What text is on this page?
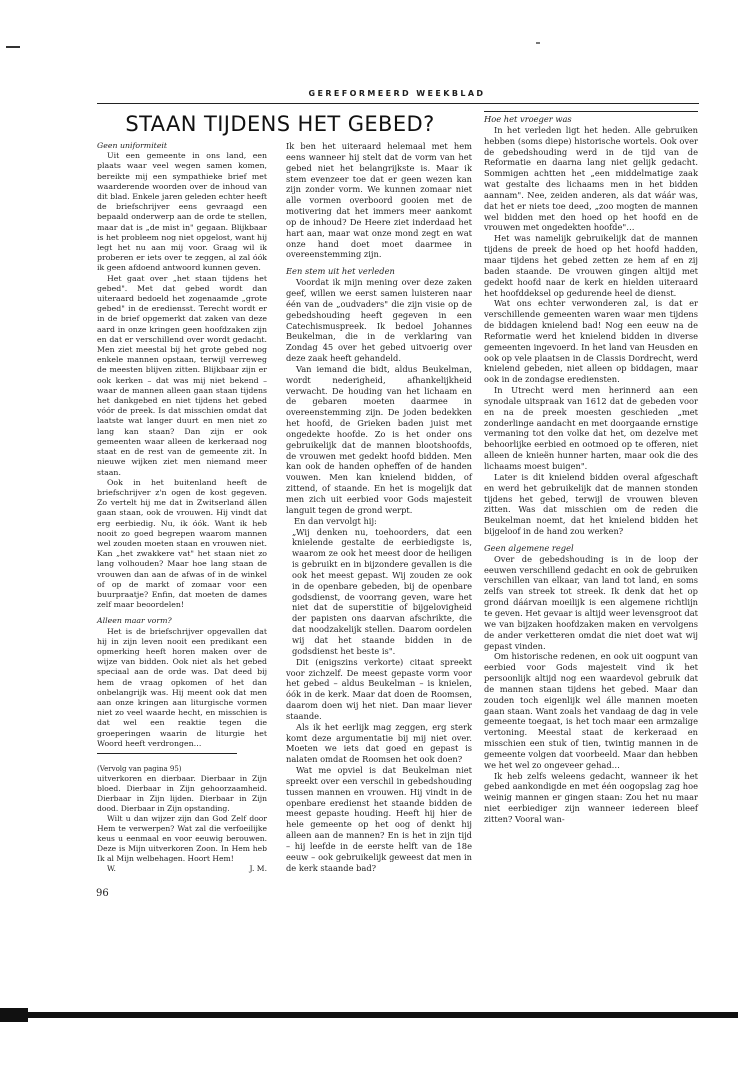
GEREFORMEERD WEEKBLAD
STAAN TIJDENS HET GEBED?

Geen uniformiteit

Uit een gemeente in ons land, een plaats waar veel wegen samen komen, bereikte mij een sympathieke brief met waarderende woorden over de inhoud van dit blad. Enkele jaren geleden echter heeft de briefschrijver eens gevraagd een bepaald onderwerp aan de orde te stellen, maar dat is „de mist in" gegaan. Blijkbaar is het probleem nog niet opgelost, want hij legt het nu aan mij voor. Graag wil ik proberen er iets over te zeggen, al zal óók ik geen afdoend antwoord kunnen geven.

Het gaat over „het staan tijdens het gebed". Met dat gebed wordt dan uiteraard bedoeld het zogenaamde „grote gebed" in de erediensst. Terecht wordt er in de brief opgemerkt dat zaken van deze aard in onze kringen geen hoofdzaken zijn en dat er verschillend over wordt gedacht. Men ziet meestal bij het grote gebed nog enkele mannen opstaan, terwijl verreweg de meesten blijven zitten. Blijkbaar zijn er ook kerken – dat was mij niet bekend – waar de mannen alleen gaan staan tijdens het dankgebed en niet tijdens het gebed vóór de preek. Is dat misschien omdat dat laatste wat langer duurt en men niet zo lang kan staan? Dan zijn er ook gemeenten waar alleen de kerkeraad nog staat en de rest van de gemeente zit. In nieuwe wijken ziet men niemand meer staan.

Ook in het buitenland heeft de briefschrijver z'n ogen de kost gegeven. Zo vertelt hij me dat in Zwitserland állen gaan staan, ook de vrouwen. Hij vindt dat erg eerbiedig. Nu, ik óók. Want ik heb nooit zo goed begrepen waarom mannen wel zouden moeten staan en vrouwen niet. Kan „het zwakkere vat" het staan niet zo lang volhouden? Maar hoe lang staan de vrouwen dan aan de afwas of in de winkel of op de markt of zomaar voor een buurpraatje? Enfin, dat moeten de dames zelf maar beoordelen!

Alleen maar vorm?

Het is de briefschrijver opgevallen dat hij in zijn leven nooit een predikant een opmerking heeft horen maken over de wijze van bidden. Ook niet als het gebed speciaal aan de orde was. Dat deed bij hem de vraag opkomen of het dan onbelangrijk was. Hij meent ook dat men aan onze kringen aan liturgische vormen niet zo veel waarde hecht, en misschien is dat wel een reaktie tegen die groeperingen waarin de liturgie het Woord heeft verdrongen…

(Vervolg van pagina 95)

uitverkoren en dierbaar. Dierbaar in Zijn bloed. Dierbaar in Zijn gehoorzaamheid. Dierbaar in Zijn lijden. Dierbaar in Zijn dood. Dierbaar in Zijn opstanding.

Wilt u dan wijzer zijn dan God Zelf door Hem te verwerpen? Wat zal die verfoeilijke keus u eenmaal en voor eeuwig berouwen. Deze is Mijn uitverkoren Zoon. In Hem heb Ik al Mijn welbehagen. Hoort Hem!

W.	J. M.

Ik ben het uiteraard helemaal met hem eens wanneer hij stelt dat de vorm van het gebed niet het belangrijkste is. Maar ik stem evenzeer toe dat er geen wezen kan zijn zonder vorm. We kunnen zomaar niet alle vormen overboord gooien met de motivering dat het immers meer aankomt op de inhoud? De Heere ziet inderdaad het hart aan, maar wat onze mond zegt en wat onze hand doet moet daarmee in overeenstemming zijn.

Een stem uit het verleden

Voordat ik mijn mening over deze zaken geef, willen we eerst samen luisteren naar één van de „oudvaders" die zijn visie op de gebedshouding heeft gegeven in een Catechismuspreek. Ik bedoel Johannes Beukelman, die in de verklaring van Zondag 45 over het gebed uitvoerig over deze zaak heeft gehandeld.

Van iemand die bidt, aldus Beukelman, wordt nederigheid, afhankelijkheid verwacht. De houding van het lichaam en de gebaren moeten daarmee in overeenstemming zijn. De joden bedekken het hoofd, de Grieken baden juist met ongedekte hoofde. Zo is het onder ons gebruikelijk dat de mannen blootshoofds, de vrouwen met gedekt hoofd bidden. Men kan ook de handen opheffen of de handen vouwen. Men kan knielend bidden, of zittend, of staande. En het is mogelijk dat men zich uit eerbied voor Gods majesteit languit tegen de grond werpt.

En dan vervolgt hij:

„Wij denken nu, toehoorders, dat een knielende gestalte de eerbiedigste is, waarom ze ook het meest door de heiligen is gebruikt en in bijzondere gevallen is die ook het meest gepast. Wij zouden ze ook in de openbare gebeden, bij de openbare godsdienst, de voorrang geven, ware het niet dat de superstitie of bijgelovigheid der papisten ons daarvan afschrikte, die dat noodzakelijk stellen. Daarom oordelen wij dat het staande bidden in de godsdienst het beste is".

Dit (enigszins verkorte) citaat spreekt voor zichzelf. De meest gepaste vorm voor het gebed – aldus Beukelman – is knielen, óók in de kerk. Maar dat doen de Roomsen, daarom doen wij het niet. Dan maar liever staande.

Als ik het eerlijk mag zeggen, erg sterk komt deze argumentatie bij mij niet over. Moeten we iets dat goed en gepast is nalaten omdat de Roomsen het ook doen?

Wat me opviel is dat Beukelman niet spreekt over een verschil in gebedshouding tussen mannen en vrouwen. Hij vindt in de openbare eredienst het staande bidden de meest gepaste houding. Heeft hij hier de hele gemeente op het oog of denkt hij alleen aan de mannen? En is het in zijn tijd – hij leefde in de eerste helft van de 18e eeuw – ook gebruikelijk geweest dat men in de kerk staande bad?

Hoe het vroeger was

In het verleden ligt het heden. Alle gebruiken hebben (soms diepe) historische wortels. Ook over de gebedshouding werd in de tijd van de Reformatie en daarna lang niet gelijk gedacht. Sommigen achtten het „een middelmatige zaak wat gestalte des lichaams men in het bidden aannam". Nee, zeiden anderen, als dat wáár was, dat het er niets toe deed, „zoo mogten de mannen wel bidden met den hoed op het hoofd en de vrouwen met ongedekten hoofde"…

Het was namelijk gebruikelijk dat de mannen tijdens de preek de hoed op het hoofd hadden, maar tijdens het gebed zetten ze hem af en zij baden staande. De vrouwen gingen altijd met gedekt hoofd naar de kerk en hielden uiteraard het hoofddeksel op gedurende heel de dienst.

Wat ons echter verwonderen zal, is dat er verschillende gemeenten waren waar men tijdens de biddagen knielend bad! Nog een eeuw na de Reformatie werd het knielend bidden in diverse gemeenten ingevoerd. In het land van Heusden en ook op vele plaatsen in de Classis Dordrecht, werd knielend gebeden, niet alleen op biddagen, maar ook in de zondagse erediensten.

In Utrecht werd men herinnerd aan een synodale uitspraak van 1612 dat de gebeden voor en na de preek moesten geschieden „met zonderlinge aandacht en met doorgaande ernstige vermaning tot den volke dat het, om dezelve met behoorlijke eerbied en ootmoed op te offeren, niet alleen de knieën hunner harten, maar ook die des lichaams moest buigen".

Later is dit knielend bidden overal afgeschaft en werd het gebruikelijk dat de mannen stonden tijdens het gebed, terwijl de vrouwen bleven zitten. Was dat misschien om de reden die Beukelman noemt, dat het knielend bidden het bijgeloof in de hand zou werken?

Geen algemene regel

Over de gebedshouding is in de loop der eeuwen verschillend gedacht en ook de gebruiken verschillen van elkaar, van land tot land, en soms zelfs van streek tot streek. Ik denk dat het op grond dáárvan moeilijk is een algemene richtlijn te geven. Het gevaar is altijd weer levensgroot dat we van bijzaken hoofdzaken maken en vervolgens de ander verketteren omdat die niet doet wat wij gepast vinden.

Om historische redenen, en ook uit oogpunt van eerbied voor Gods majesteit vind ik het persoonlijk altijd nog een waardevol gebruik dat de mannen staan tijdens het gebed. Maar dan zouden toch eigenlijk wel álle mannen moeten gaan staan. Want zoals het vandaag de dag in vele gemeente toegaat, is het toch maar een armzalige vertoning. Meestal staat de kerkeraad en misschien een stuk of tien, twintig mannen in de gemeente volgen dat voorbeeld. Maar dan hebben we het wel zo ongeveer gehad…

Ik heb zelfs weleens gedacht, wanneer ik het gebed aankondigde en met één oogopslag zag hoe weinig mannen er gingen staan: Zou het nu maar niet eerbiediger zijn wanneer iedereen bleef zitten? Vooral wan-

96
